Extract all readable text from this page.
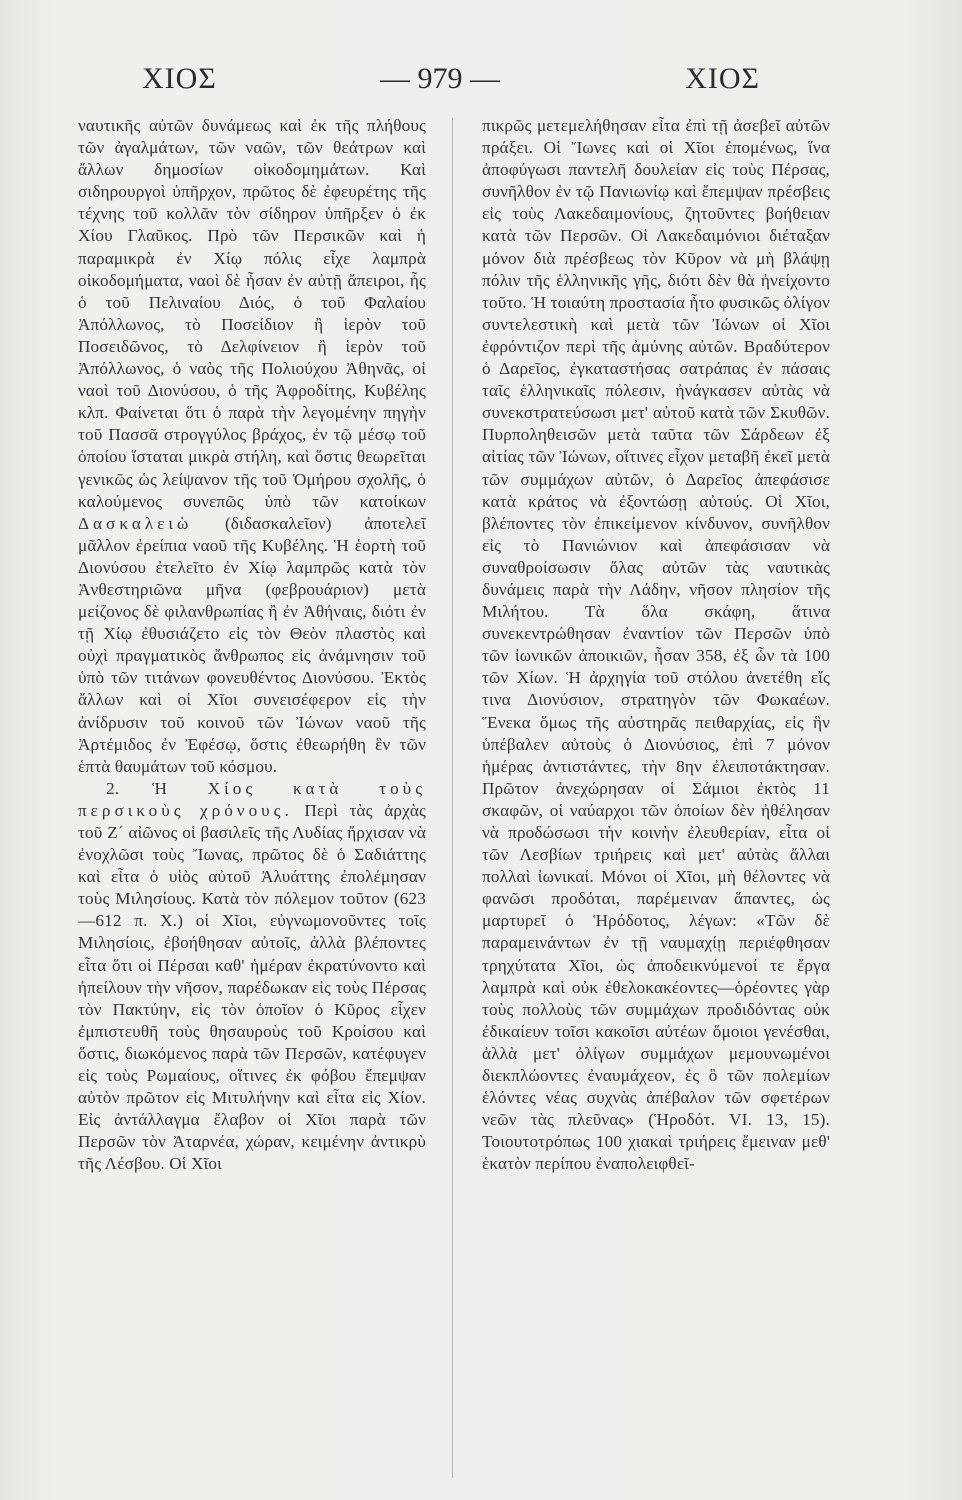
ΧΙΟΣ	— 979 —	ΧΙΟΣ

ναυτικῆς αὐτῶν δυνάμεως καὶ ἐκ τῆς πλήθους τῶν ἀγαλμάτων, τῶν ναῶν, τῶν θεάτρων καὶ ἄλλων δημοσίων οἰκοδομημάτων. Καὶ σιδηρουργοὶ ὑπῆρχον, πρῶτος δὲ ἐφευρέτης τῆς τέχνης τοῦ κολλᾶν τὸν σίδηρον ὑπῆρξεν ὁ ἐκ Χίου Γλαῦκος. Πρὸ τῶν Περσικῶν καὶ ἡ παραμικρὰ ἐν Χίῳ πόλις εἶχε λαμπρὰ οἰκοδομήματα, ναοὶ δὲ ἦσαν ἐν αὐτῇ ἄπειροι, ἧς ὁ τοῦ Πελιναίου Διός, ὁ τοῦ Φαλαίου Ἀπόλλωνος, τὸ Ποσείδιον ἢ ἱερὸν τοῦ Ποσειδῶνος, τὸ Δελφίνειον ἢ ἱερὸν τοῦ Ἀπόλλωνος, ὁ ναὸς τῆς Πολιούχου Ἀθηνᾶς, οἱ ναοὶ τοῦ Διονύσου, ὁ τῆς Ἀφροδίτης, Κυβέλης κλπ. Φαίνεται ὅτι ὁ παρὰ τὴν λεγομένην πηγὴν τοῦ Πασσᾶ στρογγύλος βράχος, ἐν τῷ μέσῳ τοῦ ὁποίου ἵσταται μικρὰ στήλη, καὶ ὅστις θεωρεῖται γενικῶς ὡς λείψανον τῆς τοῦ Ὁμήρου σχολῆς, ὁ καλούμενος συνεπῶς ὑπὸ τῶν κατοίκων Δασκαλειὼ (διδασκαλεῖον) ἀποτελεῖ μᾶλλον ἐρείπια ναοῦ τῆς Κυβέλης. Ἡ ἑορτὴ τοῦ Διονύσου ἐτελεῖτο ἐν Χίῳ λαμπρῶς κατὰ τὸν Ἀνθεστηριῶνα μῆνα (φεβρουάριον) μετὰ μείζονος δὲ φιλανθρωπίας ἢ ἐν Ἀθήναις, διότι ἐν τῇ Χίῳ ἐθυσιάζετο εἰς τὸν Θεὸν πλαστὸς καὶ οὐχὶ πραγματικὸς ἄνθρωπος εἰς ἀνάμνησιν τοῦ ὑπὸ τῶν τιτάνων φονευθέντος Διονύσου. Ἐκτὸς ἄλλων καὶ οἱ Χῖοι συνεισέφερον εἰς τὴν ἀνίδρυσιν τοῦ κοινοῦ τῶν Ἰώνων ναοῦ τῆς Ἀρτέμιδος ἐν Ἐφέσῳ, ὅστις ἐθεωρήθη ἓν τῶν ἑπτὰ θαυμάτων τοῦ κόσμου.

2. Ἡ Χίος κατὰ τοὺς περσικοὺς χρόνους. Περὶ τὰς ἀρχὰς τοῦ Ζ´ αἰῶνος οἱ βασιλεῖς τῆς Λυδίας ἤρχισαν νὰ ἐνοχλῶσι τοὺς Ἴωνας, πρῶτος δὲ ὁ Σαδιάττης καὶ εἶτα ὁ υἱὸς αὐτοῦ Ἀλυάττης ἐπολέμησαν τοὺς Μιλησίους. Κατὰ τὸν πόλεμον τοῦτον (623—612 π. Χ.) οἱ Χῖοι, εὐγνωμονοῦντες τοῖς Μιλησίοις, ἐβοήθησαν αὐτοῖς, ἀλλὰ βλέποντες εἶτα ὅτι οἱ Πέρσαι καθ' ἡμέραν ἐκρατύνοντο καὶ ἠπείλουν τὴν νῆσον, παρέδωκαν εἰς τοὺς Πέρσας τὸν Πακτύην, εἰς τὸν ὁποῖον ὁ Κῦρος εἶχεν ἐμπιστευθῆ τοὺς θησαυροὺς τοῦ Κροίσου καὶ ὅστις, διωκόμενος παρὰ τῶν Περσῶν, κατέφυγεν εἰς τοὺς Ρωμαίους, οἵτινες ἐκ φόβου ἔπεμψαν αὐτὸν πρῶτον εἰς Μιτυλήνην καὶ εἶτα εἰς Χίον. Εἰς ἀντάλλαγμα ἔλαβον οἱ Χῖοι παρὰ τῶν Περσῶν τὸν Ἀταρνέα, χώραν, κειμένην ἀντικρὺ τῆς Λέσβου. Οἱ Χῖοι

πικρῶς μετεμελήθησαν εἶτα ἐπὶ τῇ ἀσεβεῖ αὐτῶν πράξει. Οἱ Ἴωνες καὶ οἱ Χῖοι ἐπομένως, ἵνα ἀποφύγωσι παντελῆ δουλείαν εἰς τοὺς Πέρσας, συνῆλθον ἐν τῷ Πανιωνίῳ καὶ ἔπεμψαν πρέσβεις εἰς τοὺς Λακεδαιμονίους, ζητοῦντες βοήθειαν κατὰ τῶν Περσῶν. Οἱ Λακεδαιμόνιοι διέταξαν μόνον διὰ πρέσβεως τὸν Κῦρον νὰ μὴ βλάψῃ πόλιν τῆς ἑλληνικῆς γῆς, διότι δὲν θὰ ἠνείχοντο τοῦτο. Ἡ τοιαύτη προστασία ἦτο φυσικῶς ὀλίγον συντελεστικὴ καὶ μετὰ τῶν Ἰώνων οἱ Χῖοι ἐφρόντιζον περὶ τῆς ἀμύνης αὐτῶν. Βραδύτερον ὁ Δαρεῖος, ἐγκαταστήσας σατράπας ἐν πάσαις ταῖς ἑλληνικαῖς πόλεσιν, ἠνάγκασεν αὐτὰς νὰ συνεκστρατεύσωσι μετ' αὐτοῦ κατὰ τῶν Σκυθῶν. Πυρποληθεισῶν μετὰ ταῦτα τῶν Σάρδεων ἐξ αἰτίας τῶν Ἰώνων, οἵτινες εἶχον μεταβῆ ἐκεῖ μετὰ τῶν συμμάχων αὐτῶν, ὁ Δαρεῖος ἀπεφάσισε κατὰ κράτος νὰ ἐξοντώσῃ αὐτούς. Οἱ Χῖοι, βλέποντες τὸν ἐπικείμενον κίνδυνον, συνῆλθον εἰς τὸ Πανιώνιον καὶ ἀπεφάσισαν νὰ συναθροίσωσιν ὅλας αὐτῶν τὰς ναυτικὰς δυνάμεις παρὰ τὴν Λάδην, νῆσον πλησίον τῆς Μιλήτου. Τὰ ὅλα σκάφη, ἅτινα συνεκεντρώθησαν ἐναντίον τῶν Περσῶν ὑπὸ τῶν ἰωνικῶν ἀποικιῶν, ἦσαν 358, ἐξ ὧν τὰ 100 τῶν Χίων. Ἡ ἀρχηγία τοῦ στόλου ἀνετέθη εἴς τινα Διονύσιον, στρατηγὸν τῶν Φωκαέων. Ἕνεκα ὅμως τῆς αὐστηρᾶς πειθαρχίας, εἰς ἣν ὑπέβαλεν αὐτοὺς ὁ Διονύσιος, ἐπὶ 7 μόνον ἡμέρας ἀντιστάντες, τὴν 8ην ἐλειποτάκτησαν. Πρῶτον ἀνεχώρησαν οἱ Σάμιοι ἐκτὸς 11 σκαφῶν, οἱ ναύαρχοι τῶν ὁποίων δὲν ἠθέλησαν νὰ προδώσωσι τὴν κοινὴν ἐλευθερίαν, εἶτα οἱ τῶν Λεσβίων τριήρεις καὶ μετ' αὐτὰς ἄλλαι πολλαὶ ἰωνικαί. Μόνοι οἱ Χῖοι, μὴ θέλοντες νὰ φανῶσι προδόται, παρέμειναν ἅπαντες, ὡς μαρτυρεῖ ὁ Ἡρόδοτος, λέγων: «Τῶν δὲ παραμεινάντων ἐν τῇ ναυμαχίῃ περιέφθησαν τρηχύτατα Χῖοι, ὡς ἀποδεικνύμενοί τε ἔργα λαμπρὰ καὶ οὐκ ἐθελοκακέοντες—ὁρέοντες γὰρ τοὺς πολλοὺς τῶν συμμάχων προδιδόντας οὐκ ἐδικαίευν τοῖσι κακοῖσι αὐτέων ὅμοιοι γενέσθαι, ἀλλὰ μετ' ὀλίγων συμμάχων μεμουνωμένοι διεκπλώοντες ἐναυμάχεον, ἐς ὃ τῶν πολεμίων ἑλόντες νέας συχνὰς ἀπέβαλον τῶν σφετέρων νεῶν τὰς πλεῦνας» (Ἡροδότ. VI. 13, 15). Τοιουτοτρόπως 100 χιακαὶ τριήρεις ἔμειναν μεθ' ἑκατὸν περίπου ἐναπολειφθεῖ-
